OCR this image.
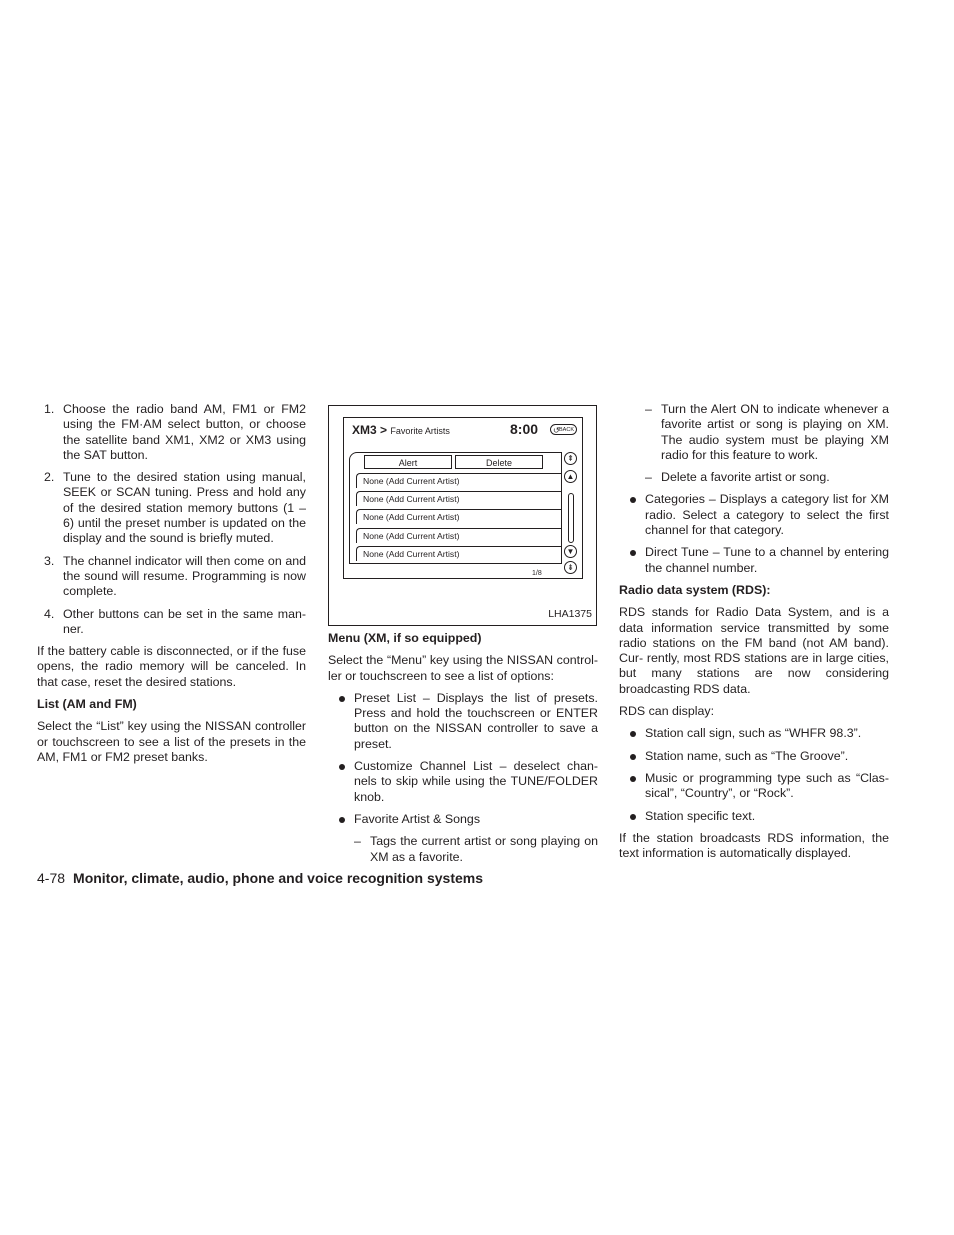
1. Choose the radio band AM, FM1 or FM2 using the FM·AM select button, or choose the satellite band XM1, XM2 or XM3 using the SAT button.
2. Tune to the desired station using manual, SEEK or SCAN tuning. Press and hold any of the desired station memory buttons (1 – 6) until the preset number is updated on the display and the sound is briefly muted.
3. The channel indicator will then come on and the sound will resume. Programming is now complete.
4. Other buttons can be set in the same man- ner.

If the battery cable is disconnected, or if the fuse opens, the radio memory will be canceled. In that case, reset the desired stations.

List (AM and FM)

Select the “List” key using the NISSAN controller or touchscreen to see a list of the presets in the AM, FM1 or FM2 preset banks.

XM3 > Favorite Artists	8:00 ↺ BACK
Alert	Delete
None (Add Current Artist)
None (Add Current Artist)
None (Add Current Artist)
None (Add Current Artist)
None (Add Current Artist)
⇞
▲
▼
⇟
1/8
LHA1375
Menu (XM, if so equipped)

Select the “Menu” key using the NISSAN control- ler or touchscreen to see a list of options:

Preset List – Displays the list of presets. Press and hold the touchscreen or ENTER button on the NISSAN controller to save a preset.
Customize Channel List – deselect chan- nels to skip while using the TUNE/FOLDER knob.
Favorite Artist & Songs
– Tags the current artist or song playing on XM as a favorite.
– Turn the Alert ON to indicate whenever a favorite artist or song is playing on XM. The audio system must be playing XM radio for this feature to work.
– Delete a favorite artist or song.
Categories – Displays a category list for XM radio. Select a category to select the first channel for that category.
Direct Tune – Tune to a channel by entering the channel number.
Radio data system (RDS):

RDS stands for Radio Data System, and is a data information service transmitted by some radio stations on the FM band (not AM band). Cur- rently, most RDS stations are in large cities, but many stations are now considering broadcasting RDS data.

RDS can display:

Station call sign, such as “WHFR 98.3”.
Station name, such as “The Groove”.
Music or programming type such as “Clas- sical”, “Country”, or “Rock”.
Station specific text.

If the station broadcasts RDS information, the text information is automatically displayed.

4-78 Monitor, climate, audio, phone and voice recognition systems
